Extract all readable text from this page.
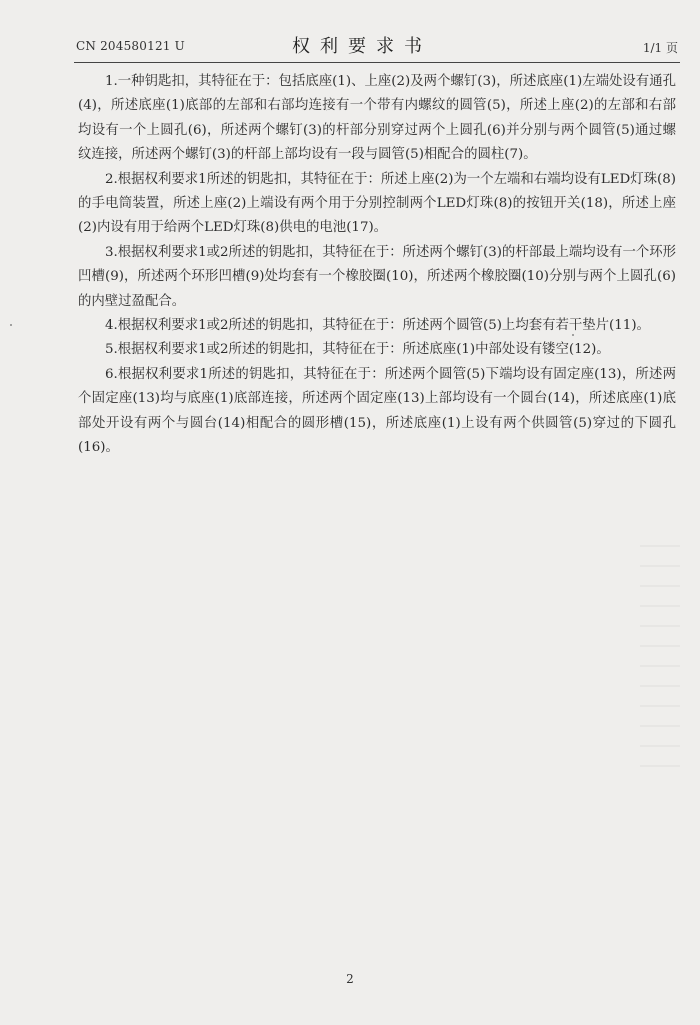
CN 204580121 U	权利要求书	1/1 页

1.一种钥匙扣，其特征在于：包括底座(1)、上座(2)及两个螺钉(3)，所述底座(1)左端处设有通孔(4)，所述底座(1)底部的左部和右部均连接有一个带有内螺纹的圆管(5)，所述上座(2)的左部和右部均设有一个上圆孔(6)，所述两个螺钉(3)的杆部分别穿过两个上圆孔(6)并分别与两个圆管(5)通过螺纹连接，所述两个螺钉(3)的杆部上部均设有一段与圆管(5)相配合的圆柱(7)。

2.根据权利要求1所述的钥匙扣，其特征在于：所述上座(2)为一个左端和右端均设有LED灯珠(8)的手电筒装置，所述上座(2)上端设有两个用于分别控制两个LED灯珠(8)的按钮开关(18)，所述上座(2)内设有用于给两个LED灯珠(8)供电的电池(17)。

3.根据权利要求1或2所述的钥匙扣，其特征在于：所述两个螺钉(3)的杆部最上端均设有一个环形凹槽(9)，所述两个环形凹槽(9)处均套有一个橡胶圈(10)，所述两个橡胶圈(10)分别与两个上圆孔(6)的内壁过盈配合。

4.根据权利要求1或2所述的钥匙扣，其特征在于：所述两个圆管(5)上均套有若干垫片(11)。

5.根据权利要求1或2所述的钥匙扣，其特征在于：所述底座(1)中部处设有镂空(12)。

6.根据权利要求1所述的钥匙扣，其特征在于：所述两个圆管(5)下端均设有固定座(13)，所述两个固定座(13)均与底座(1)底部连接，所述两个固定座(13)上部均设有一个圆台(14)，所述底座(1)底部处开设有两个与圆台(14)相配合的圆形槽(15)，所述底座(1)上设有两个供圆管(5)穿过的下圆孔(16)。

2
